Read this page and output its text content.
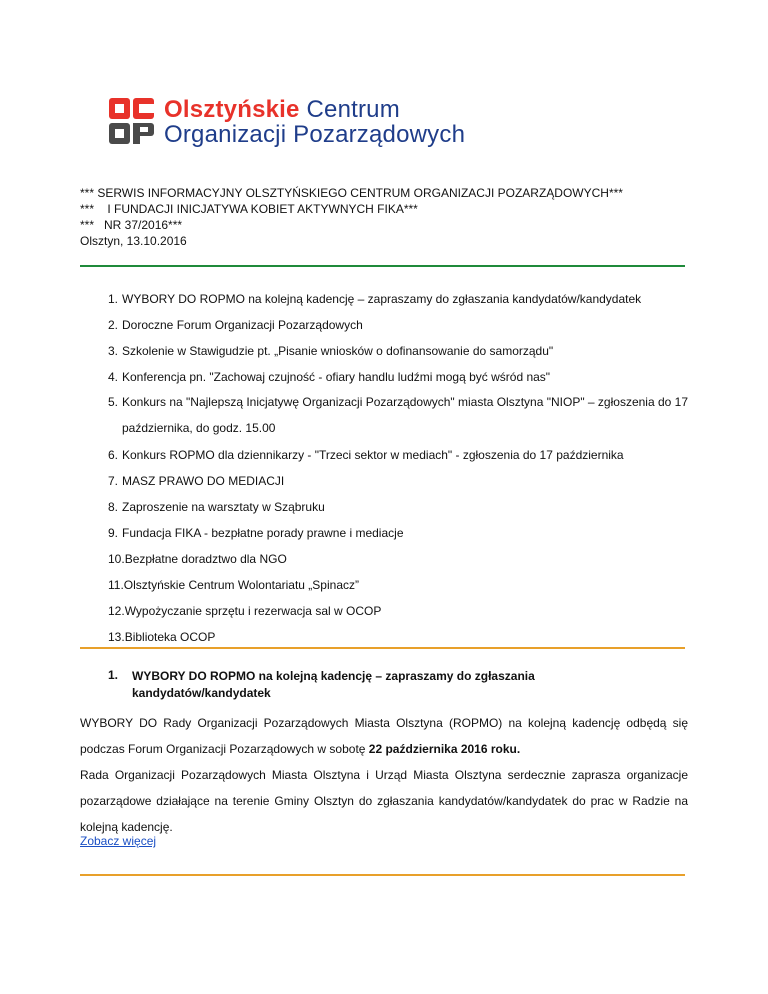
Olsztyńskie Centrum
Organizacji Pozarządowych
*** SERWIS INFORMACYJNY OLSZTYŃSKIEGO CENTRUM ORGANIZACJI POZARZĄDOWYCH***
***    I FUNDACJI INICJATYWA KOBIET AKTYWNYCH FIKA***
***   NR 37/2016***
Olsztyn, 13.10.2016
1. WYBORY DO ROPMO na kolejną kadencję – zapraszamy do zgłaszania kandydatów/kandydatek
2. Doroczne Forum Organizacji Pozarządowych
3. Szkolenie w Stawigudzie pt. „Pisanie wniosków o dofinansowanie do samorządu"
4. Konferencja pn. "Zachowaj czujność - ofiary handlu ludźmi mogą być wśród nas"
5. Konkurs na "Najlepszą Inicjatywę Organizacji Pozarządowych" miasta Olsztyna "NIOP" – zgłoszenia do 17 października, do godz. 15.00
6. Konkurs ROPMO dla dziennikarzy - "Trzeci sektor w mediach" - zgłoszenia do 17 października
7. MASZ PRAWO DO MEDIACJI
8. Zaproszenie na warsztaty w Sząbruku
9. Fundacja FIKA - bezpłatne porady prawne i mediacje
10. Bezpłatne doradztwo dla NGO
11. Olsztyńskie Centrum Wolontariatu „Spinacz”
12. Wypożyczanie sprzętu i rezerwacja sal w OCOP
13. Biblioteka OCOP
1.	WYBORY DO ROPMO na kolejną kadencję – zapraszamy do zgłaszania
kandydatów/kandydatek
WYBORY DO Rady Organizacji Pozarządowych Miasta Olsztyna (ROPMO) na kolejną kadencję odbędą się podczas Forum Organizacji Pozarządowych w sobotę 22 października 2016 roku.
Rada Organizacji Pozarządowych Miasta Olsztyna i Urząd Miasta Olsztyna serdecznie zaprasza organizacje pozarządowe działające na terenie Gminy Olsztyn do zgłaszania kandydatów/kandydatek do prac w Radzie na kolejną kadencję.
Zobacz więcej
